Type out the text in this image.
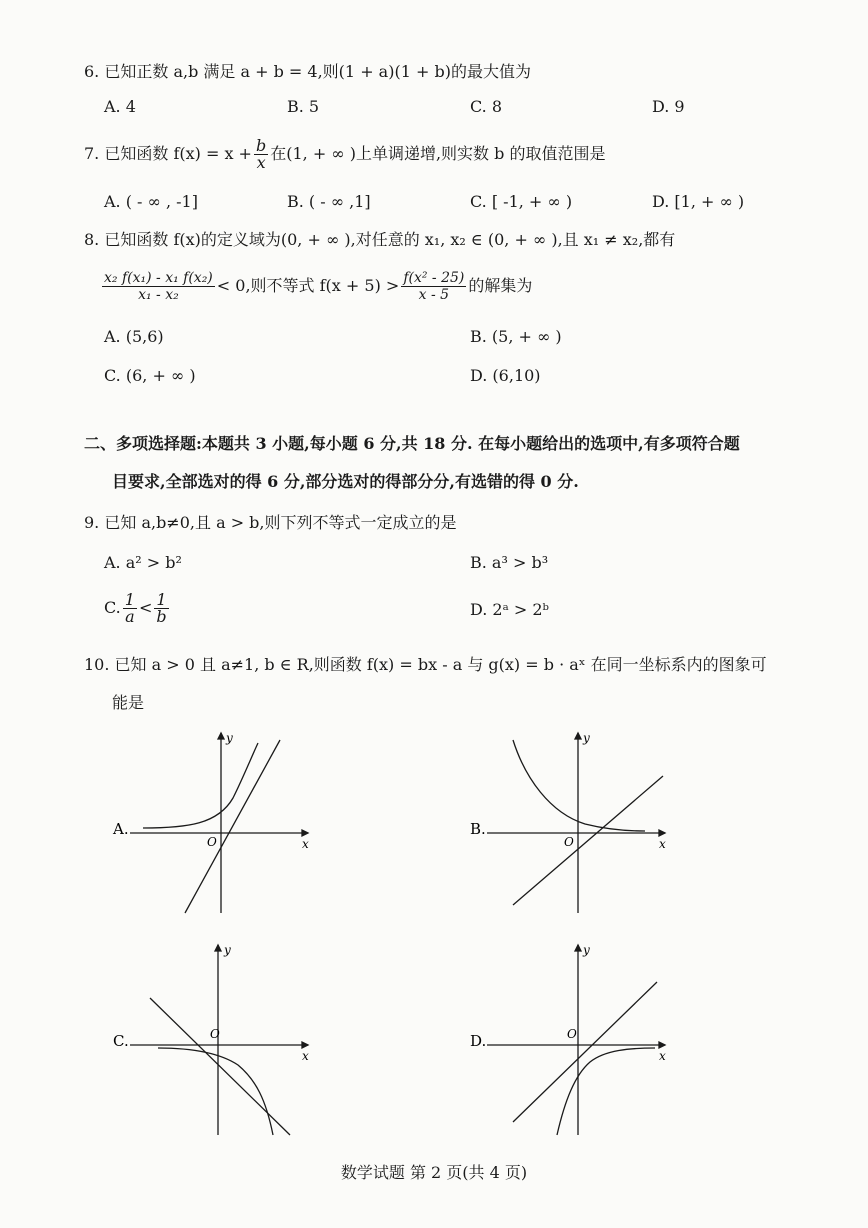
6. 已知正数 a,b 满足 a + b = 4,则(1 + a)(1 + b)的最大值为
A. 4	B. 5	C. 8	D. 9
7. 已知函数 $f(x) = x + \frac{b}{x}$ 在(1, + ∞ )上单调递增,则实数 b 的取值范围是
A. ( - ∞ , -1]	B. ( - ∞ ,1]	C. [ -1, + ∞ )	D. [1, + ∞ )
8. 已知函数 f(x)的定义域为(0, + ∞ ),对任意的 x₁, x₂ ∈ (0, + ∞ ),且 x₁ ≠ x₂,都有
$\frac{\text{x₂ f(x₁) - x₁ f(x₂)}}{\text{x₁ - x₂}} < 0$,则不等式 $f(x + 5) > \frac{\text{f(x² - 25)}}{x - 5}$ 的解集为
A. (5,6)	B. (5, + ∞ )
C. (6, + ∞ )	D. (6,10)
二、多项选择题:本题共 3 小题,每小题 6 分,共 18 分. 在每小题给出的选项中,有多项符合题
目要求,全部选对的得 6 分,部分选对的得部分分,有选错的得 0 分.
9. 已知 a,b≠0,且 a > b,则下列不等式一定成立的是
A. a² > b²	B. a³ > b³
C. $\frac{1}{a} < \frac{1}{b}$	D. 2ᵃ > 2ᵇ
10. 已知 a > 0 且 a≠1, b ∈ R,则函数 f(x) = bx - a 与 g(x) = b · aˣ 在同一坐标系内的图象可
能是
A.
O	x
y
B.
O	x
y
C.	O
x
y
D.	O
x
y
数学试题 第 2 页(共 4 页)
